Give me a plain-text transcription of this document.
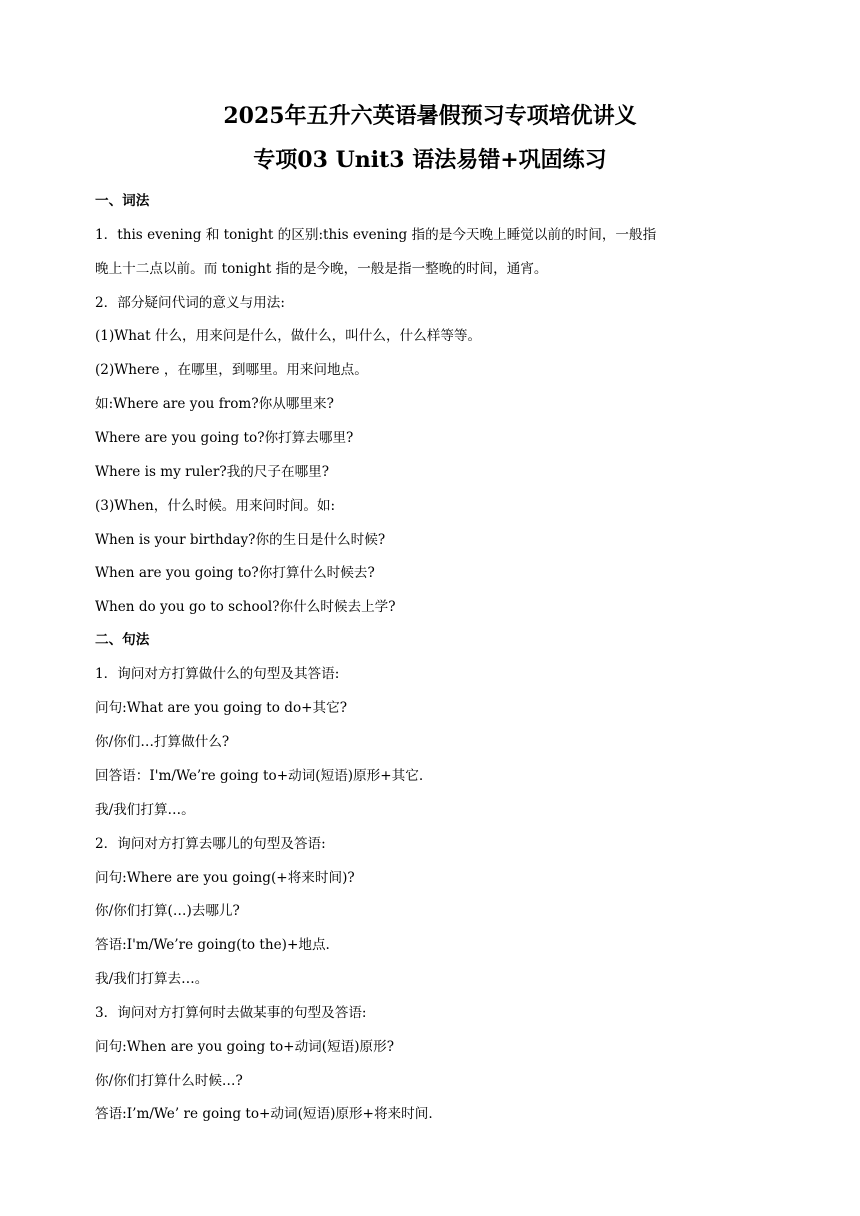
2025年五升六英语暑假预习专项培优讲义
专项03 Unit3 语法易错+巩固练习
一、词法
1．this evening 和 tonight 的区别:this evening 指的是今天晚上睡觉以前的时间，一般指
晚上十二点以前。而 tonight 指的是今晚，一般是指一整晚的时间，通宵。
2．部分疑问代词的意义与用法:
(1)What 什么，用来问是什么，做什么，叫什么，什么样等等。
(2)Where ，在哪里，到哪里。用来问地点。
如:Where are you from?你从哪里来?
Where are you going to?你打算去哪里?
Where is my ruler?我的尺子在哪里?
(3)When，什么时候。用来问时间。如:
When is your birthday?你的生日是什么时候?
When are you going to?你打算什么时候去?
When do you go to school?你什么时候去上学?
二、句法
1．询问对方打算做什么的句型及其答语:
问句:What are you going to do+其它?
你/你们…打算做什么?
回答语：I'm/We’re going to+动词(短语)原形+其它.
我/我们打算…。
2．询问对方打算去哪儿的句型及答语:
问句:Where are you going(+将来时间)?
你/你们打算(…)去哪儿?
答语:I'm/We’re going(to the)+地点.
我/我们打算去…。
3．询问对方打算何时去做某事的句型及答语:
问句:When are you going to+动词(短语)原形?
你/你们打算什么时候…?
答语:I’m/We’ re going to+动词(短语)原形+将来时间.
